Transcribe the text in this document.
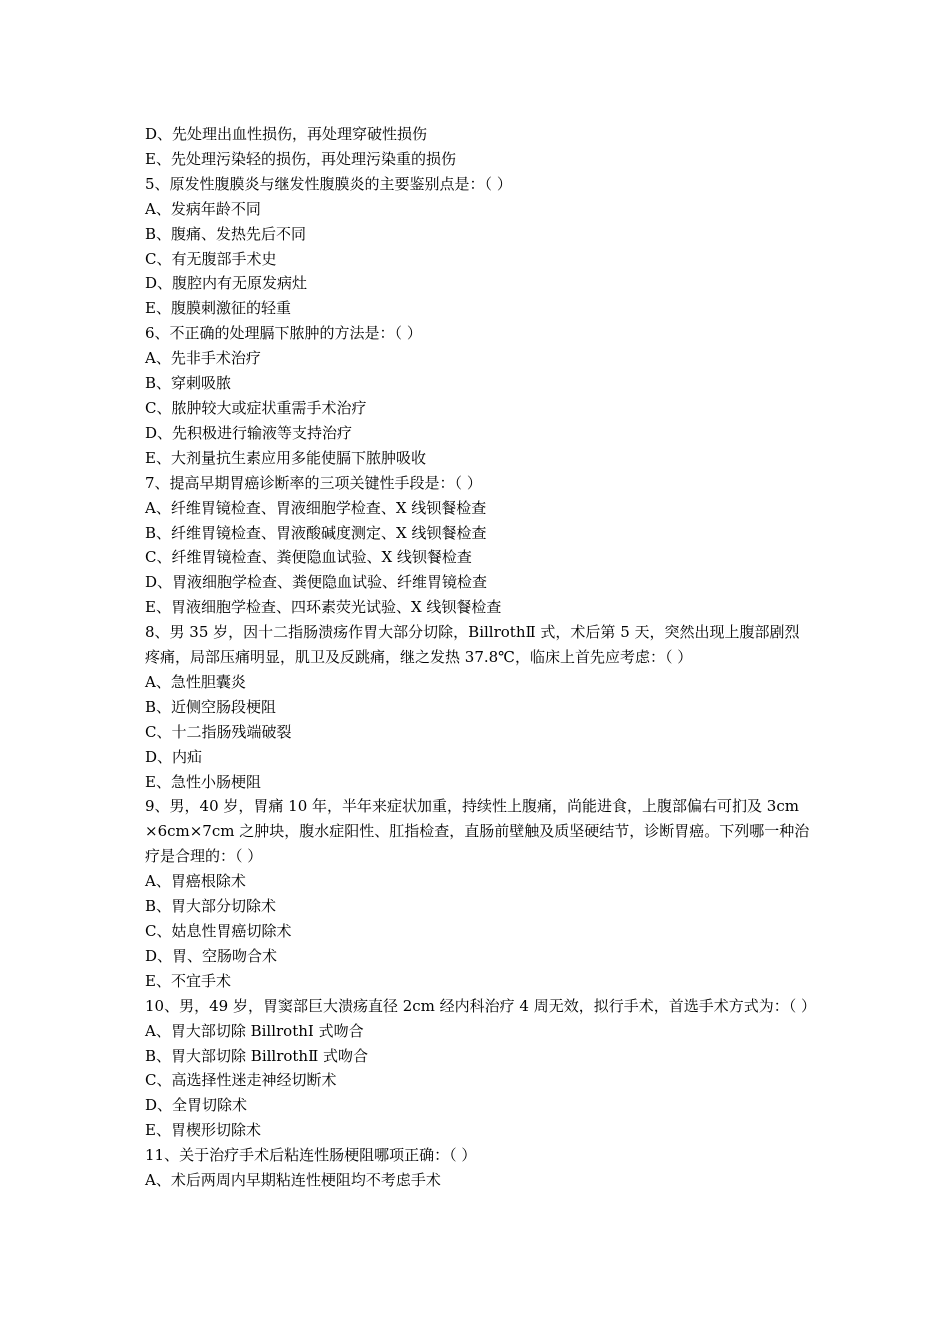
D、先处理出血性损伤，再处理穿破性损伤

E、先处理污染轻的损伤，再处理污染重的损伤

5、原发性腹膜炎与继发性腹膜炎的主要鉴别点是：（ ）

A、发病年龄不同

B、腹痛、发热先后不同

C、有无腹部手术史

D、腹腔内有无原发病灶

E、腹膜刺激征的轻重

6、不正确的处理膈下脓肿的方法是：（ ）

A、先非手术治疗

B、穿刺吸脓

C、脓肿较大或症状重需手术治疗

D、先积极进行输液等支持治疗

E、大剂量抗生素应用多能使膈下脓肿吸收

7、提高早期胃癌诊断率的三项关键性手段是：（ ）

A、纤维胃镜检查、胃液细胞学检查、X 线钡餐检查

B、纤维胃镜检查、胃液酸碱度测定、X 线钡餐检查

C、纤维胃镜检查、粪便隐血试验、X 线钡餐检查

D、胃液细胞学检查、粪便隐血试验、纤维胃镜检查

E、胃液细胞学检查、四环素荧光试验、X 线钡餐检查

8、男 35 岁，因十二指肠溃疡作胃大部分切除，BillrothⅡ 式，术后第 5 天，突然出现上腹部剧烈疼痛，局部压痛明显，肌卫及反跳痛，继之发热 37.8℃，临床上首先应考虑：（ ）

A、急性胆囊炎

B、近侧空肠段梗阻

C、十二指肠残端破裂

D、内疝

E、急性小肠梗阻

9、男，40 岁，胃痛 10 年，半年来症状加重，持续性上腹痛，尚能进食，上腹部偏右可扪及 3cm×6cm×7cm 之肿块，腹水症阳性、肛指检查，直肠前壁触及质坚硬结节，诊断胃癌。下列哪一种治疗是合理的：（ ）

A、胃癌根除术

B、胃大部分切除术

C、姑息性胃癌切除术

D、胃、空肠吻合术

E、不宜手术

10、男，49 岁，胃窦部巨大溃疡直径 2cm 经内科治疗 4 周无效，拟行手术，首选手术方式为：（ ）

A、胃大部切除 BillrothⅠ 式吻合

B、胃大部切除 BillrothⅡ 式吻合

C、高选择性迷走神经切断术

D、全胃切除术

E、胃楔形切除术

11、关于治疗手术后粘连性肠梗阻哪项正确：（ ）

A、术后两周内早期粘连性梗阻均不考虑手术
